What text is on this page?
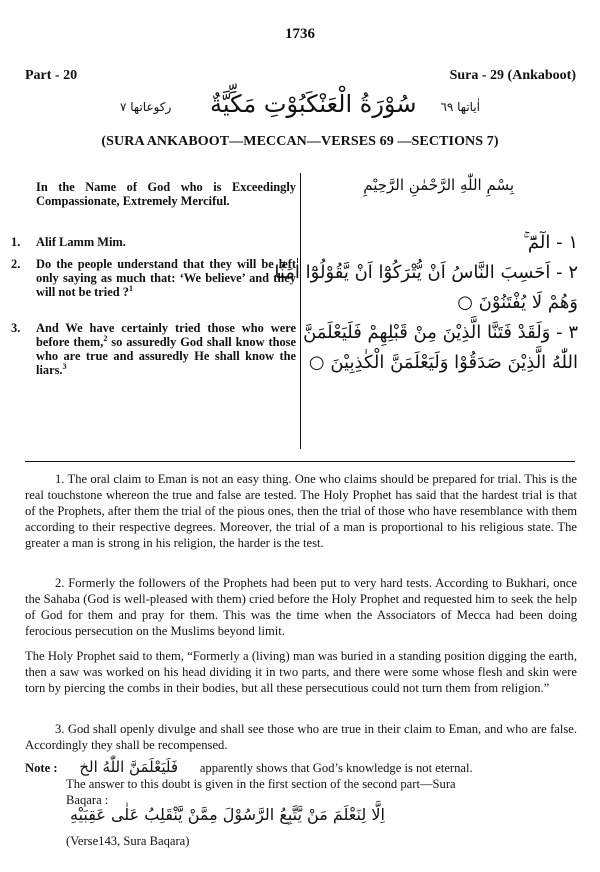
1736
Part - 20	Sura - 29 (Ankaboot)
اٰیاتھا ٦٩
سُوْرَةُ الْعَنْكَبُوْتِ مَكِّيَّةٌ
رکوعاتھا ٧
(SURA ANKABOOT—MECCAN—VERSES 69 —SECTIONS 7)
In the Name of God who is Exceedingly Compassionate, Extremely Merciful.
1. Alif Lamm Mim.
2. Do the people understand that they will be left only saying as much that: ‘We believe’ and they will not be tried ?$^1$
3. And We have certainly tried those who were before them,$^2$ so assuredly God shall know those who are true and assuredly He shall know the liars.$^3$
بِسْمِ اللّٰهِ الرَّحْمٰنِ الرَّحِيْمِ
١ - الٓمّٓ ۚ
٢ - اَحَسِبَ النَّاسُ اَنْ يُّتْرَكُوْٓا اَنْ يَّقُوْلُوْٓا اٰمَنَّا
وَهُمْ لَا يُفْتَنُوْنَ ○
٣ - وَلَقَدْ فَتَنَّا الَّذِيْنَ مِنْ قَبْلِهِمْ فَلَيَعْلَمَنَّ
اللّٰهُ الَّذِيْنَ صَدَقُوْا وَلَيَعْلَمَنَّ الْكٰذِبِيْنَ ○
1. The oral claim to Eman is not an easy thing. One who claims should be prepared for trial. This is the real touchstone whereon the true and false are tested. The Holy Prophet has said that the hardest trial is that of the Prophets, after them the trial of the pious ones, then the trial of those who have resemblance with them according to their respective degrees. Moreover, the trial of a man is proportional to his religious state. The greater a man is strong in his religion, the harder is the test.
2. Formerly the followers of the Prophets had been put to very hard tests. According to Bukhari, once the Sahaba (God is well-pleased with them) cried before the Holy Prophet and requested him to seek the help of God for them and pray for them. This was the time when the Associators of Mecca had been doing ferocious persecution on the Muslims beyond limit.
The Holy Prophet said to them, “Formerly a (living) man was buried in a standing position digging the earth, then a saw was worked on his head dividing it in two parts, and there were some whose flesh and skin were torn by piercing the combs in their bodies, but all these persecutious could not turn them from religion.”
3. God shall openly divulge and shall see those who are true in their claim to Eman, and who are false. Accordingly they shall be recompensed.
Note : فَلَيَعْلَمَنَّ اللّٰهُ الخ apparently shows that God’s knowledge is not eternal.
The answer to this doubt is given in the first section of the second part—Sura
Baqara :
اِلَّا لِنَعْلَمَ مَنْ يَّتَّبِعُ الرَّسُوْلَ مِمَّنْ يَّنْقَلِبُ عَلٰى عَقِبَيْهِ
(Verse143, Sura Baqara)
